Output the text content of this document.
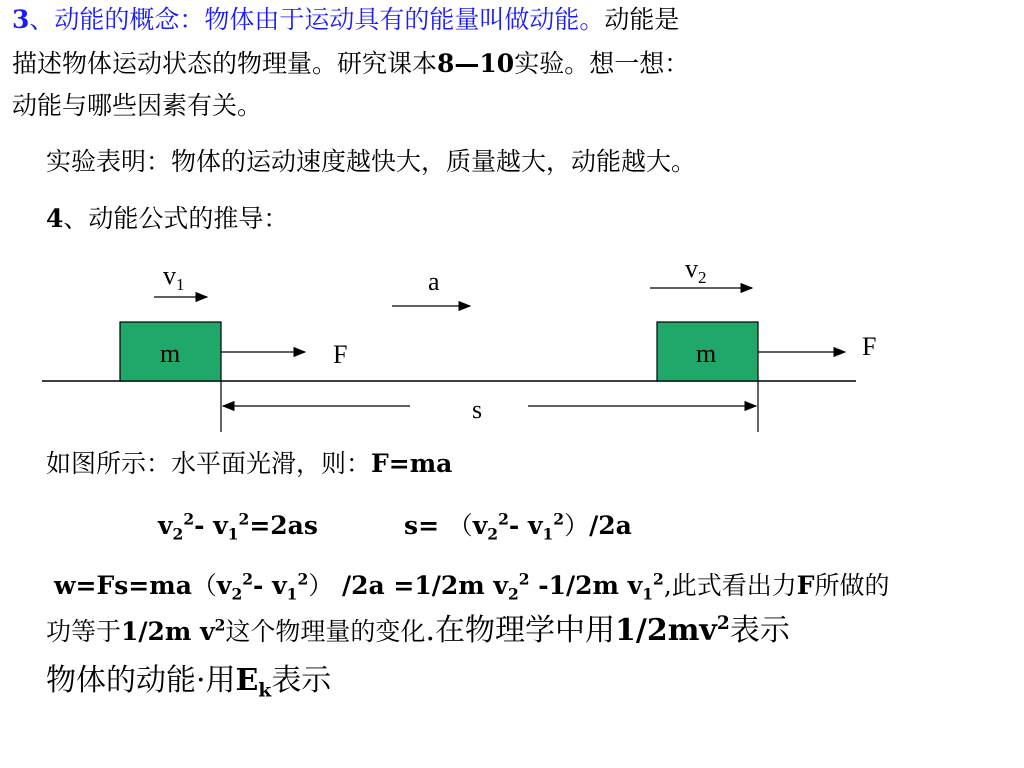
3、动能的概念：物体由于运动具有的能量叫做动能。动能是
描述物体运动状态的物理量。研究课本8—10实验。想一想：
动能与哪些因素有关。
实验表明：物体的运动速度越快大，质量越大，动能越大。
4、动能公式的推导：
$v_1$	a	$v_2$
m	F	m	F
s
如图所示：水平面光滑，则：F=ma
$v_2^2-$ $v_1^2=2as$	$s= (v_2^2-$ $v_1^2)/2a$
$w=Fs=ma(v_2^2-$ $v_1^2$） /2a =1/2m $v_2^2$ -1/2m $v_1^2$,此式看出力F所做的
功等于1/2m $v^2$这个物理量的变化.在物理学中用$1/2mv^2$表示
物体的动能·用$E_k$表示
